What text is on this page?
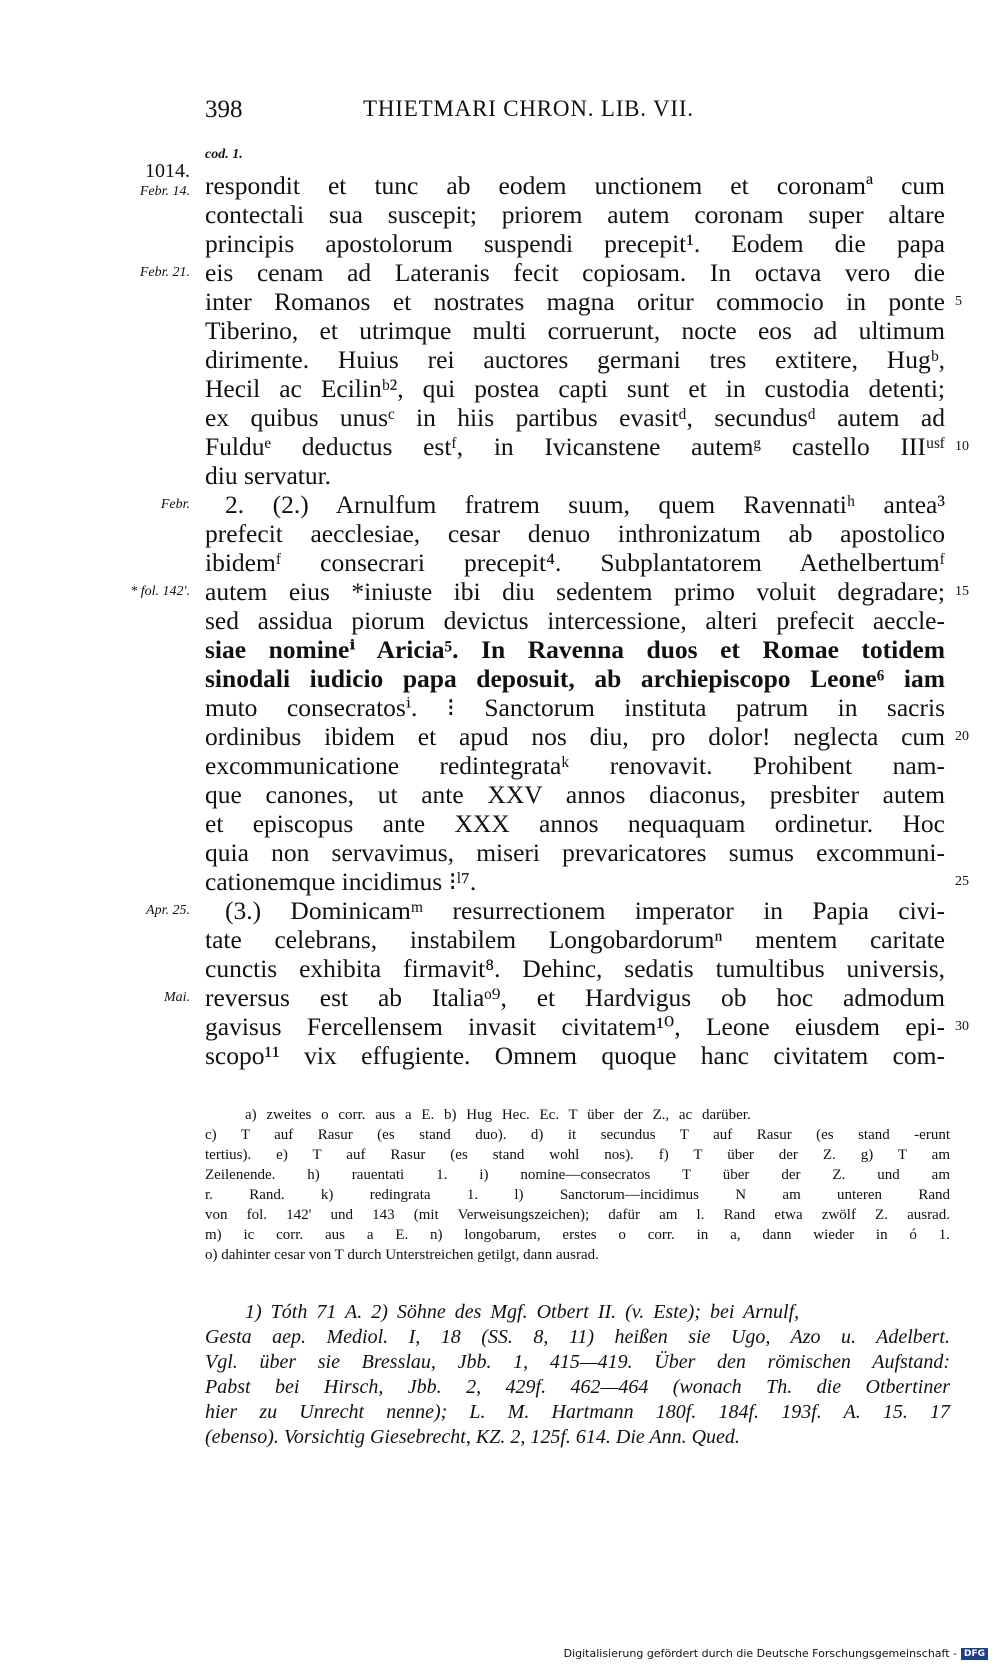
398	THIETMARI CHRON. LIB. VII.
cod. 1.
1014.
Febr. 14. respondit et tunc ab eodem unctionem et coronamª cum
contectali sua suscepit; priorem autem coronam super altare
principis apostolorum suspendi precepit¹. Eodem die papa
Febr. 21. eis cenam ad Lateranis fecit copiosam. In octava vero die
inter Romanos et nostrates magna oritur commocio in ponte 5
Tiberino, et utrimque multi corruerunt, nocte eos ad ultimum
dirimente. Huius rei auctores germani tres extitere, Hugᵇ,
Hecil ac Ecilinᵇ², qui postea capti sunt et in custodia detenti;
ex quibus unusᶜ in hiis partibus evasitᵈ, secundusᵈ autem ad
Fulduᵉ deductus estᶠ, in Ivicanstene autemᵍ castello IIIᵘˢᶠ 10
diu servatur.
Febr. 2. (2.) Arnulfum fratrem suum, quem Ravennatiʰ antea³
prefecit aecclesiae, cesar denuo inthronizatum ab apostolico
ibidemᶠ consecrari precepit⁴. Subplantatorem Aethelbertumᶠ
* fol. 142'. autem eius *iniuste ibi diu sedentem primo voluit degradare; 15
sed assidua piorum devictus intercessione, alteri prefecit aeccle-
siae nomineⁱ Aricia⁵. In Ravenna duos et Romae totidem
sinodali iudicio papa deposuit, ab archiepiscopo Leone⁶ iam
muto consecratosⁱ. ⁝ Sanctorum instituta patrum in sacris
ordinibus ibidem et apud nos diu, pro dolor! neglecta cum 20
excommunicatione redintegrataᵏ renovavit. Prohibent nam-
que canones, ut ante XXV annos diaconus, presbiter autem
et episcopus ante XXX annos nequaquam ordinetur. Hoc
quia non servavimus, miseri prevaricatores sumus excommuni-
cationemque incidimus ⁝ˡ⁷.	25
Apr. 25. (3.) Dominicamᵐ resurrectionem imperator in Papia civi-
tate celebrans, instabilem Longobardorumⁿ mentem caritate
cunctis exhibita firmavit⁸. Dehinc, sedatis tumultibus universis,
Mai. reversus est ab Italiaᵒ⁹, et Hardvigus ob hoc admodum
gavisus Fercellensem invasit civitatem¹⁰, Leone eiusdem epi- 30
scopo¹¹ vix effugiente. Omnem quoque hanc civitatem com-
a) zweites o corr. aus a E. b) Hug Hec. Ec. T über der Z., ac darüber.
c) T auf Rasur (es stand duo). d) it secundus T auf Rasur (es stand -erunt
tertius). e) T auf Rasur (es stand wohl nos). f) T über der Z. g) T am
Zeilenende. h) rauentati 1. i) nomine—consecratos T über der Z. und am
r. Rand. k) redingrata 1. l) Sanctorum—incidimus N am unteren Rand
von fol. 142' und 143 (mit Verweisungszeichen); dafür am l. Rand etwa zwölf Z. ausrad.
m) ic corr. aus a E. n) longobarum, erstes o corr. in a, dann wieder in ó 1.
o) dahinter cesar von T durch Unterstreichen getilgt, dann ausrad.
1) Tóth 71 A. 2) Söhne des Mgf. Otbert II. (v. Este); bei Arnulf,
Gesta aep. Mediol. I, 18 (SS. 8, 11) heißen sie Ugo, Azo u. Adelbert.
Vgl. über sie Bresslau, Jbb. 1, 415—419. Über den römischen Aufstand:
Pabst bei Hirsch, Jbb. 2, 429f. 462—464 (wonach Th. die Otbertiner
hier zu Unrecht nenne); L. M. Hartmann 180f. 184f. 193f. A. 15. 17
(ebenso). Vorsichtig Giesebrecht, KZ. 2, 125f. 614. Die Ann. Qued.
Digitalisierung gefördert durch die Deutsche Forschungsgemeinschaft - DFG
